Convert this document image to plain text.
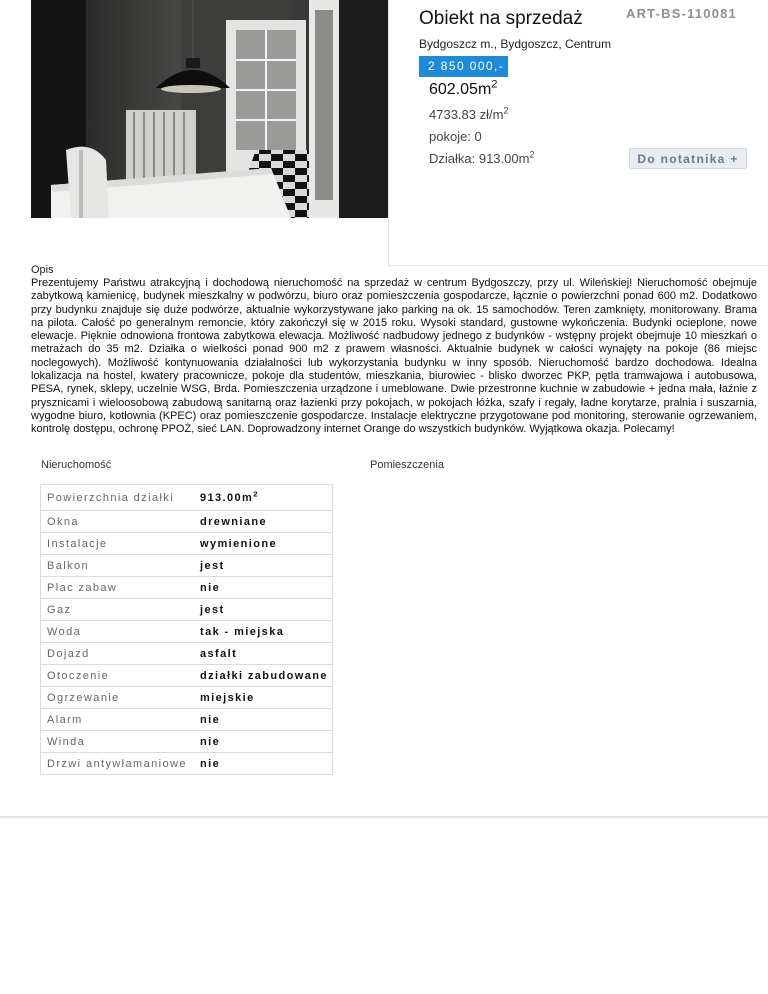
Obiekt na sprzedaż	ART-BS-110081
Bydgoszcz m., Bydgoszcz, Centrum
2 850 000,-
$602.05m^2$
4733.83 $zł/m^2$
pokoje: 0
Działka: $913.00m^2$	Do notatnika +
Opis

Prezentujemy Państwu atrakcyjną i dochodową nieruchomość na sprzedaż w centrum Bydgoszczy, przy ul. Wileńskiej! Nieruchomość obejmuje zabytkową kamienicę, budynek mieszkalny w podwórzu, biuro oraz pomieszczenia gospodarcze, łącznie o powierzchni ponad 600 m2. Dodatkowo przy budynku znajduje się duże podwórze, aktualnie wykorzystywane jako parking na ok. 15 samochodów. Teren zamknięty, monitorowany. Brama na pilota. Całość po generalnym remoncie, który zakończył się w 2015 roku. Wysoki standard, gustowne wykończenia. Budynki ocieplone, nowe elewacje. Pięknie odnowiona frontowa zabytkowa elewacja. Możliwość nadbudowy jednego z budynków - wstępny projekt obejmuje 10 mieszkań o metrażach do 35 m2. Działka o wielkości ponad 900 m2 z prawem własności. Aktualnie budynek w całości wynajęty na pokoje (86 miejsc noclegowych). Możliwość kontynuowania działalności lub wykorzystania budynku w inny sposób. Nieruchomość bardzo dochodowa. Idealna lokalizacja na hostel, kwatery pracownicze, pokoje dla studentów, mieszkania, biurowiec - blisko dworzec PKP, pętla tramwajowa i autobusowa, PESA, rynek, sklepy, uczelnie WSG, Brda. Pomieszczenia urządzone i umeblowane. Dwie przestronne kuchnie w zabudowie + jedna mała, łaźnie z prysznicami i wieloosobową zabudową sanitarną oraz łazienki przy pokojach, w pokojach łóżka, szafy i regały, ładne korytarze, pralnia i suszarnia, wygodne biuro, kotłownia (KPEC) oraz pomieszczenie gospodarcze. Instalacje elektryczne przygotowane pod monitoring, sterowanie ogrzewaniem, kontrolę dostępu, ochronę PPOŻ, sieć LAN. Doprowadzony internet Orange do wszystkich budynków. Wyjątkowa okazja. Polecamy!

Nieruchomość	Pomieszczenia
Powierzchnia działki	$913.00m^2$
Okna	drewniane
Instalacje	wymienione
Balkon	jest
Plac zabaw	nie
Gaz	jest
Woda	tak - miejska
Dojazd	asfalt
Otoczenie	działki zabudowane
Ogrzewanie	miejskie
Alarm	nie
Winda	nie
Drzwi antywłamaniowe	nie
